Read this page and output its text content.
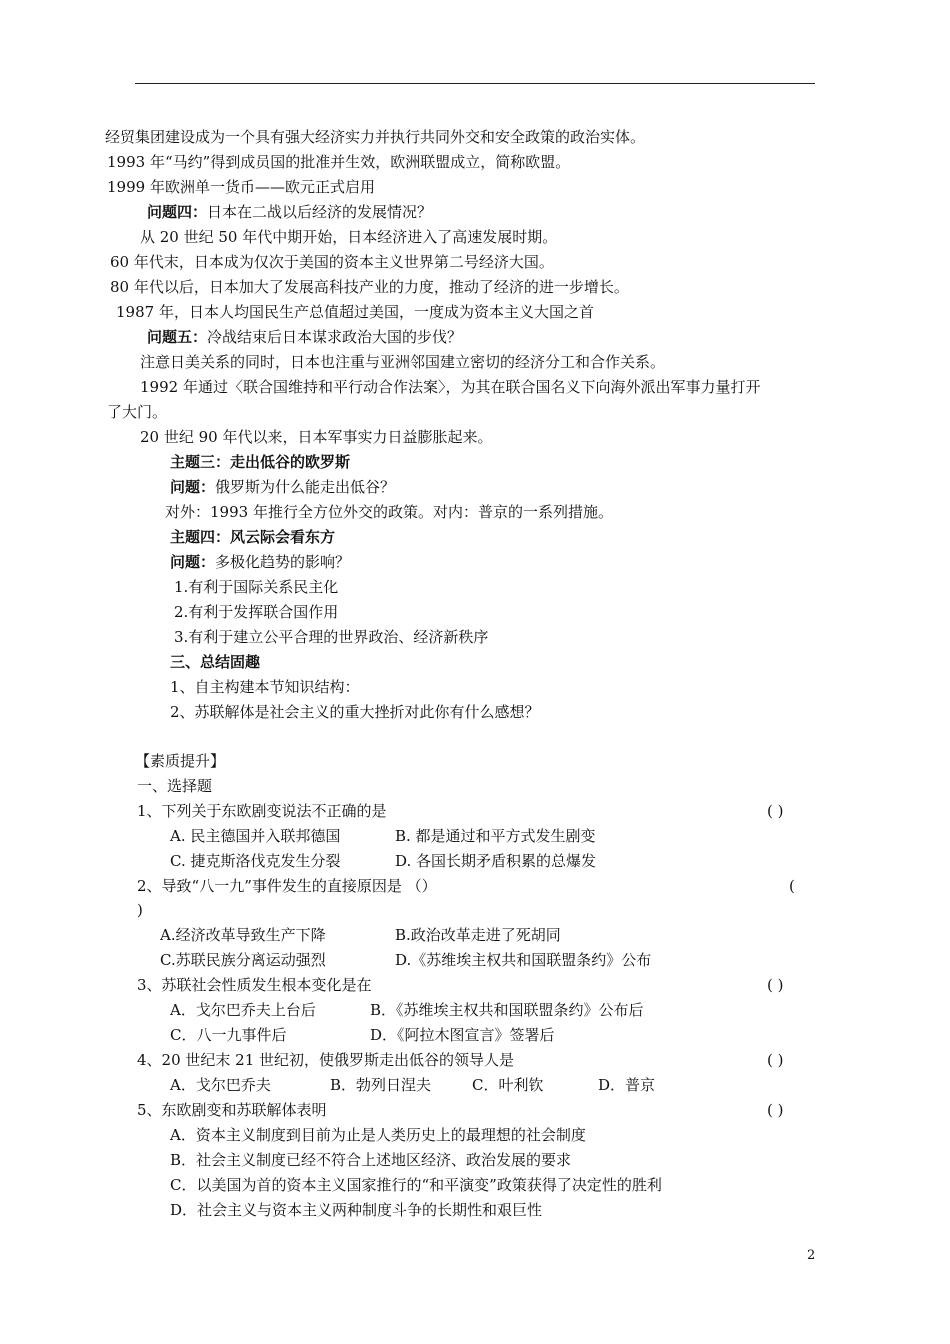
经贸集团建设成为一个具有强大经济实力并执行共同外交和安全政策的政治实体。
1993 年“马约”得到成员国的批准并生效，欧洲联盟成立，简称欧盟。
1999 年欧洲单一货币——欧元正式启用
问题四：日本在二战以后经济的发展情况？
从 20 世纪 50 年代中期开始，日本经济进入了高速发展时期。
60 年代末，日本成为仅次于美国的资本主义世界第二号经济大国。
80 年代以后，日本加大了发展高科技产业的力度，推动了经济的进一步增长。
1987 年，日本人均国民生产总值超过美国，一度成为资本主义大国之首
问题五：冷战结束后日本谋求政治大国的步伐？
注意日美关系的同时，日本也注重与亚洲邻国建立密切的经济分工和合作关系。
1992 年通过〈联合国维持和平行动合作法案〉，为其在联合国名义下向海外派出军事力量打开
了大门。
20 世纪 90 年代以来，日本军事实力日益膨胀起来。
主题三：走出低谷的欧罗斯
问题：俄罗斯为什么能走出低谷？
对外：1993 年推行全方位外交的政策。对内：普京的一系列措施。
主题四：风云际会看东方
问题：多极化趋势的影响？
1.有利于国际关系民主化
2.有利于发挥联合国作用
3.有利于建立公平合理的世界政治、经济新秩序
三、总结固趣
1、自主构建本节知识结构：
2、苏联解体是社会主义的重大挫折对此你有什么感想？
【素质提升】
一、选择题
1、下列关于东欧剧变说法不正确的是	( )
A. 民主德国并入联邦德国	B. 都是通过和平方式发生剧变
C. 捷克斯洛伐克发生分裂	D. 各国长期矛盾积累的总爆发
2、导致“八一九”事件发生的直接原因是 （）	(
)
A.经济改革导致生产下降	B.政治改革走进了死胡同
C.苏联民族分离运动强烈	D.《苏维埃主权共和国联盟条约》公布
3、苏联社会性质发生根本变化是在	( )
A．戈尔巴乔夫上台后	B．《苏维埃主权共和国联盟条约》公布后
C．八一九事件后	D．《阿拉木图宣言》签署后
4、20 世纪末 21 世纪初，使俄罗斯走出低谷的领导人是	( )
A．戈尔巴乔夫	B．勃列日涅夫	C．叶利钦	D．普京
5、东欧剧变和苏联解体表明	( )
A．资本主义制度到目前为止是人类历史上的最理想的社会制度
B．社会主义制度已经不符合上述地区经济、政治发展的要求
C．以美国为首的资本主义国家推行的“和平演变”政策获得了决定性的胜利
D．社会主义与资本主义两种制度斗争的长期性和艰巨性
2
